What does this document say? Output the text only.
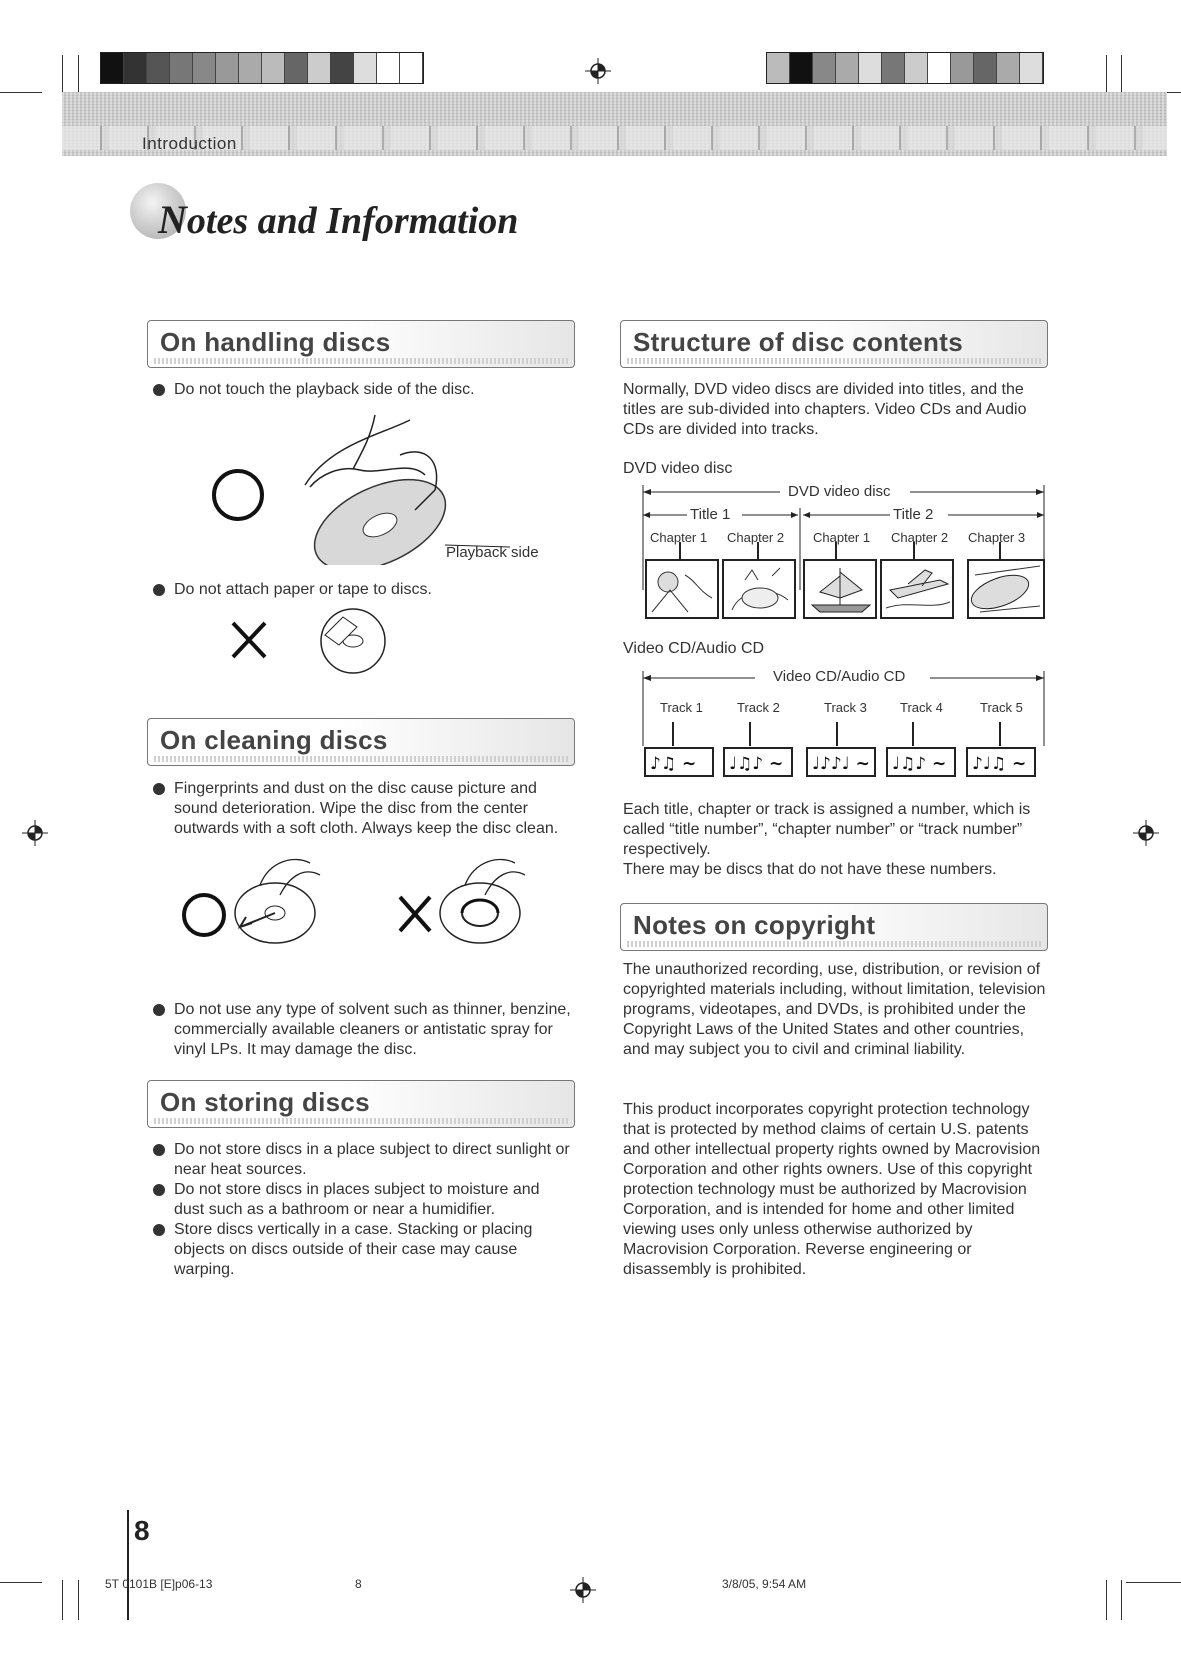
Introduction
Notes and Information
On handling discs
Do not touch the playback side of the disc.
Playback side
Do not attach paper or tape to discs.
On cleaning discs
Fingerprints and dust on the disc cause picture and sound deterioration. Wipe the disc from the center outwards with a soft cloth. Always keep the disc clean.
Do not use any type of solvent such as thinner, benzine, commercially available cleaners or antistatic spray for vinyl LPs. It may damage the disc.
On storing discs
Do not store discs in a place subject to direct sunlight or near heat sources.
Do not store discs in places subject to moisture and dust such as a bathroom or near a humidifier.
Store discs vertically in a case. Stacking or placing objects on discs outside of their case may cause warping.
Structure of disc contents
Normally, DVD video discs are divided into titles, and the titles are sub-divided into chapters. Video CDs and Audio CDs are divided into tracks.
DVD video disc
DVD video disc
Title 1	Title 2
Chapter 1 Chapter 2 Chapter 1 Chapter 2 Chapter 3
Video CD/Audio CD
Video CD/Audio CD
Track 1	Track 2	Track 3	Track 4	Track 5
♪♫ ∼	♩♫♪ ∼	♩♪♪♩ ∼	♩♫♪ ∼	♪♩♫ ∼
Each title, chapter or track is assigned a number, which is called “title number”, “chapter number” or “track number” respectively.
There may be discs that do not have these numbers.
Notes on copyright
The unauthorized recording, use, distribution, or revision of copyrighted materials including, without limitation, television programs, videotapes, and DVDs, is prohibited under the Copyright Laws of the United States and other countries, and may subject you to civil and criminal liability.
This product incorporates copyright protection technology that is protected by method claims of certain U.S. patents and other intellectual property rights owned by Macrovision Corporation and other rights owners. Use of this copyright protection technology must be authorized by Macrovision Corporation, and is intended for home and other limited viewing uses only unless otherwise authorized by Macrovision Corporation. Reverse engineering or disassembly is prohibited.
8
5T 0101B [E]p06-13	8	3/8/05, 9:54 AM
